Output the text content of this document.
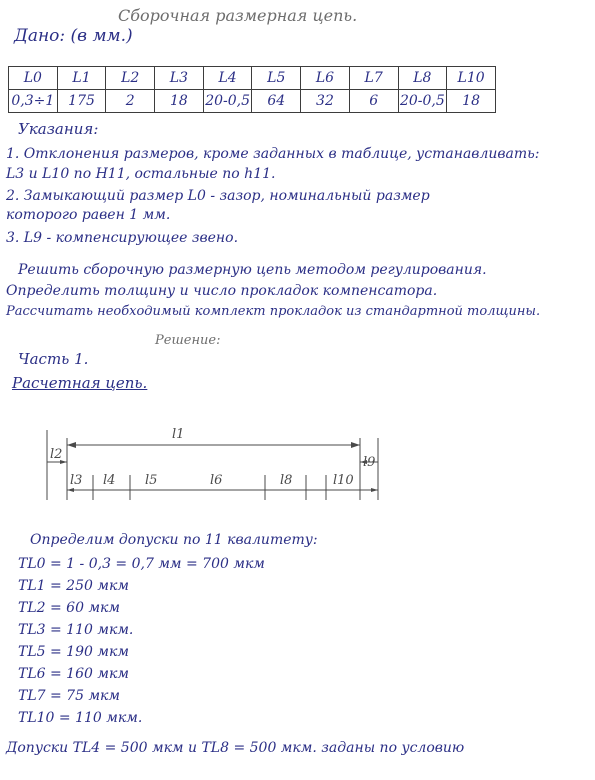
Сборочная размерная цепь.
Дано: (в мм.)
L0	L1	L2	L3	L4	L5	L6	L7	L8	L10
0,3÷1	175	2	18	20-0,5	64	32	6	20-0,5	18
Указания:
1. Отклонения размеров, кроме заданных в таблице, устанавливать:
L3 и L10 по H11, остальные по h11.
2. Замыкающий размер L0 - зазор, номинальный размер
которого равен 1 мм.
3. L9 - компенсирующее звено.
Решить сборочную размерную цепь методом регулирования.
Определить толщину и число прокладок компенсатора.
Рассчитать необходимый комплект прокладок из стандартной толщины.
Решение:
Часть 1.
Расчетная цепь.
l1
l2
l9
l3 l4 l5	l6	l8	l10
Определим допуски по 11 квалитету:
TL0 = 1 - 0,3 = 0,7 мм = 700 мкм
TL1 = 250 мкм
TL2 = 60 мкм
TL3 = 110 мкм.
TL5 = 190 мкм
TL6 = 160 мкм
TL7 = 75 мкм
TL10 = 110 мкм.
Допуски TL4 = 500 мкм и TL8 = 500 мкм. заданы по условию
